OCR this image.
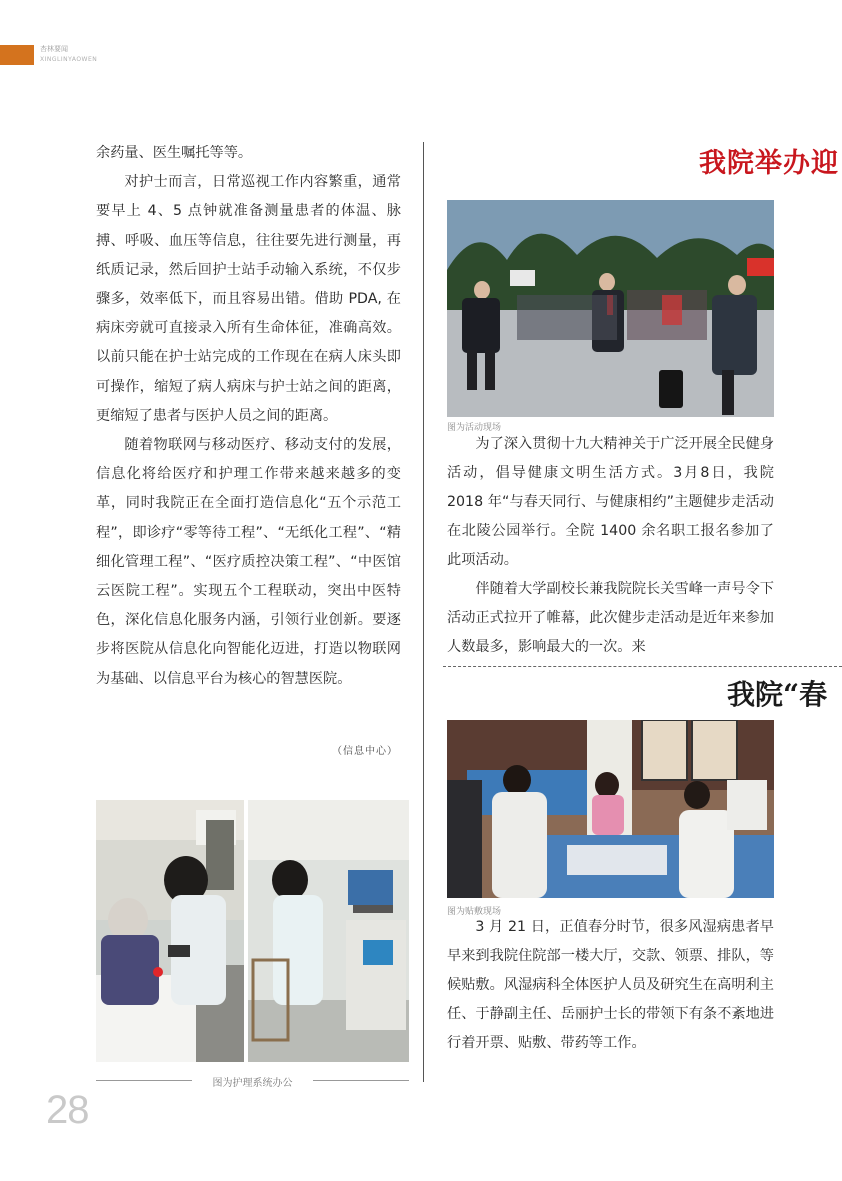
杏林要闻
XINGLINYAOWEN

余药量、医生嘱托等等。

对护士而言，日常巡视工作内容繁重，通常要早上 4、5 点钟就准备测量患者的体温、脉搏、呼吸、血压等信息，往往要先进行测量，再纸质记录，然后回护士站手动输入系统，不仅步骤多，效率低下，而且容易出错。借助 PDA, 在病床旁就可直接录入所有生命体征，准确高效。以前只能在护士站完成的工作现在在病人床头即可操作，缩短了病人病床与护士站之间的距离，更缩短了患者与医护人员之间的距离。

随着物联网与移动医疗、移动支付的发展，信息化将给医疗和护理工作带来越来越多的变革，同时我院正在全面打造信息化“五个示范工程”，即诊疗“零等待工程”、“无纸化工程”、“精细化管理工程”、“医疗质控决策工程”、“中医馆云医院工程”。实现五个工程联动，突出中医特色，深化信息化服务内涵，引领行业创新。要逐步将医院从信息化向智能化迈进，打造以物联网为基础、以信息平台为核心的智慧医院。

（信息中心）
图为护理系统办公
28
我院举办迎
图为活动现场

为了深入贯彻十九大精神关于广泛开展全民健身活动，倡导健康文明生活方式。3月8日，我院 2018 年“与春天同行、与健康相约”主题健步走活动在北陵公园举行。全院 1400 余名职工报名参加了此项活动。

伴随着大学副校长兼我院院长关雪峰一声号令下活动正式拉开了帷幕，此次健步走活动是近年来参加人数最多，影响最大的一次。来

我院“春
图为贴敷现场

3 月 21 日，正值春分时节，很多风湿病患者早早来到我院住院部一楼大厅，交款、领票、排队，等候贴敷。风湿病科全体医护人员及研究生在高明利主任、于静副主任、岳丽护士长的带领下有条不紊地进行着开票、贴敷、带药等工作。
